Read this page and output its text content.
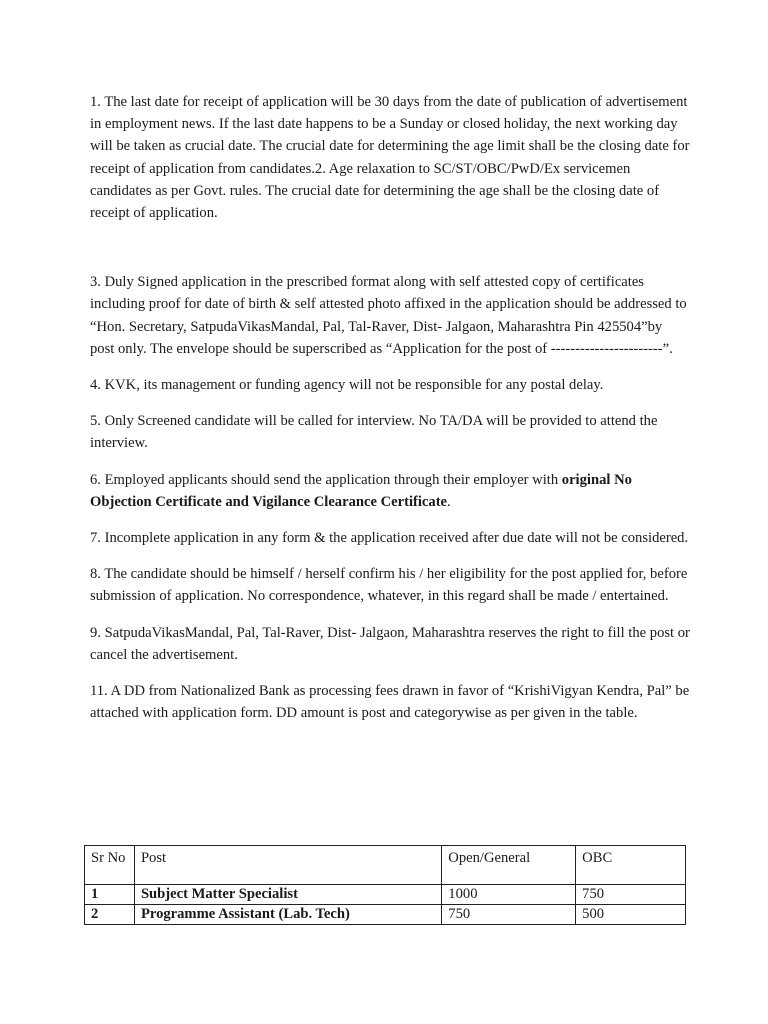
1. The last date for receipt of application will be 30 days from the date of publication of advertisement in employment news. If the last date happens to be a Sunday or closed holiday, the next working day will be taken as crucial date. The crucial date for determining the age limit shall be the closing date for receipt of application from candidates.2. Age relaxation to SC/ST/OBC/PwD/Ex servicemen candidates as per Govt. rules. The crucial date for determining the age shall be the closing date of receipt of application.

3. Duly Signed application in the prescribed format along with self attested copy of certificates including proof for date of birth & self attested photo affixed in the application should be addressed to “Hon. Secretary, SatpudaVikasMandal, Pal, Tal-Raver, Dist- Jalgaon, Maharashtra Pin 425504”by post only. The envelope should be superscribed as “Application for the post of -----------------------”.

4. KVK, its management or funding agency will not be responsible for any postal delay.

5. Only Screened candidate will be called for interview. No TA/DA will be provided to attend the interview.

6. Employed applicants should send the application through their employer with original No Objection Certificate and Vigilance Clearance Certificate.

7. Incomplete application in any form & the application received after due date will not be considered.

8. The candidate should be himself / herself confirm his / her eligibility for the post applied for, before submission of application. No correspondence, whatever, in this regard shall be made / entertained.

9. SatpudaVikasMandal, Pal, Tal-Raver, Dist- Jalgaon, Maharashtra reserves the right to fill the post or cancel the advertisement.

11. A DD from Nationalized Bank as processing fees drawn in favor of “KrishiVigyan Kendra, Pal” be attached with application form. DD amount is post and categorywise as per given in the table.

Sr No	Post	Open/General	OBC
1	Subject Matter Specialist	1000	750
2	Programme Assistant (Lab. Tech)	750	500
